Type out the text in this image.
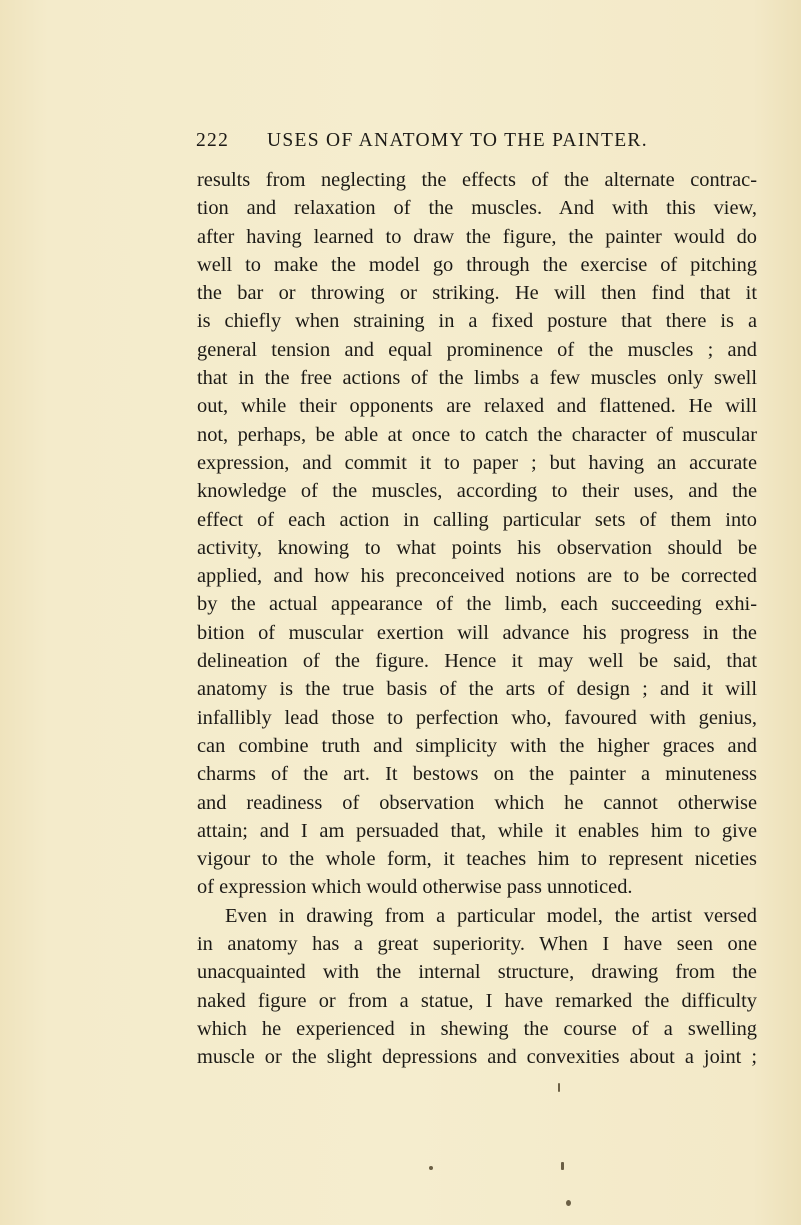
222 USES OF ANATOMY TO THE PAINTER.
results from neglecting the effects of the alternate contrac-
tion and relaxation of the muscles. And with this view,
after having learned to draw the figure, the painter would do
well to make the model go through the exercise of pitching
the bar or throwing or striking. He will then find that it
is chiefly when straining in a fixed posture that there is a
general tension and equal prominence of the muscles ; and
that in the free actions of the limbs a few muscles only swell
out, while their opponents are relaxed and flattened. He will
not, perhaps, be able at once to catch the character of muscular
expression, and commit it to paper ; but having an accurate
knowledge of the muscles, according to their uses, and the
effect of each action in calling particular sets of them into
activity, knowing to what points his observation should be
applied, and how his preconceived notions are to be corrected
by the actual appearance of the limb, each succeeding exhi-
bition of muscular exertion will advance his progress in the
delineation of the figure. Hence it may well be said, that
anatomy is the true basis of the arts of design ; and it will
infallibly lead those to perfection who, favoured with genius,
can combine truth and simplicity with the higher graces and
charms of the art. It bestows on the painter a minuteness
and readiness of observation which he cannot otherwise
attain; and I am persuaded that, while it enables him to give
vigour to the whole form, it teaches him to represent niceties
of expression which would otherwise pass unnoticed.
Even in drawing from a particular model, the artist versed
in anatomy has a great superiority. When I have seen one
unacquainted with the internal structure, drawing from the
naked figure or from a statue, I have remarked the difficulty
which he experienced in shewing the course of a swelling
muscle or the slight depressions and convexities about a joint ;
